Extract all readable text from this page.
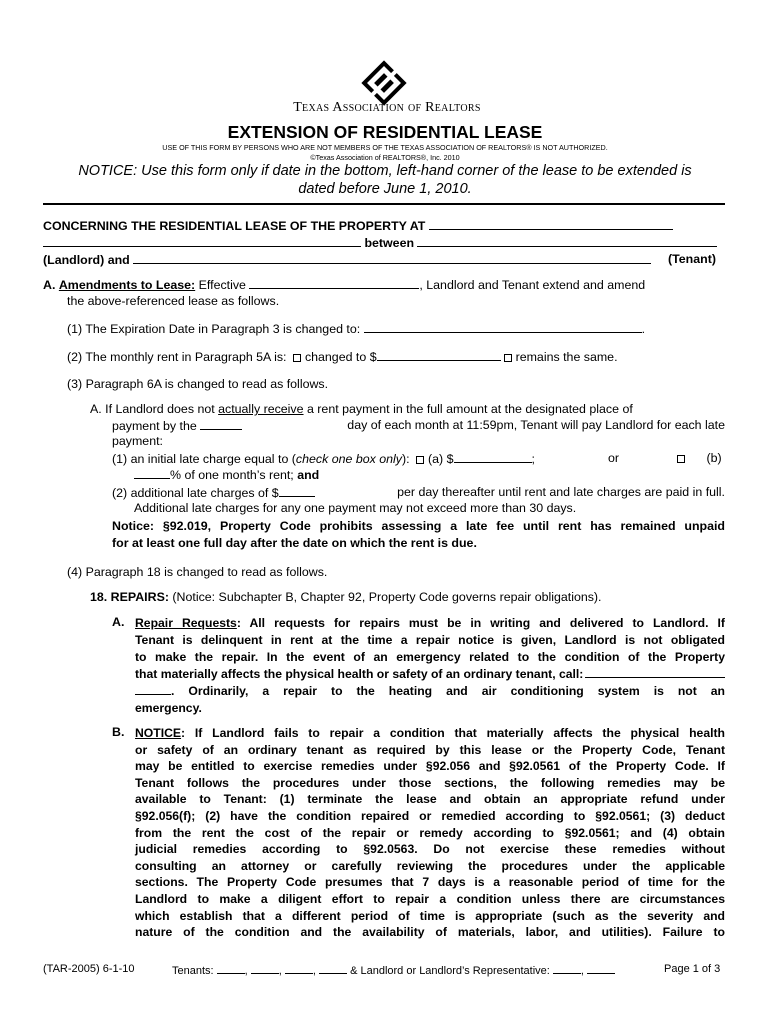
Texas Association of Realtors
EXTENSION OF RESIDENTIAL LEASE
USE OF THIS FORM BY PERSONS WHO ARE NOT MEMBERS OF THE TEXAS ASSOCIATION OF REALTORS® IS NOT AUTHORIZED.
©Texas Association of REALTORS®, Inc. 2010
NOTICE: Use this form only if date in the bottom, left-hand corner of the lease to be extended is
dated before June 1, 2010.
CONCERNING THE RESIDENTIAL LEASE OF THE PROPERTY AT
between
(Landlord) and	(Tenant)
A. Amendments to Lease: Effective	, Landlord and Tenant extend and amend
the above-referenced lease as follows.
(1) The Expiration Date in Paragraph 3 is changed to:	.
(2) The monthly rent in Paragraph 5A is: changed to $	remains the same.
(3) Paragraph 6A is changed to read as follows.
A. If Landlord does not actually receive a rent payment in the full amount at the designated place of
payment by the	day of each month at 11:59pm, Tenant will pay Landlord for each late
payment:
(1) an initial late charge equal to (check one box only): (a) $	;	or	(b)
% of one month’s rent; and
(2) additional late charges of $	per day thereafter until rent and late charges are paid in full.
Additional late charges for any one payment may not exceed more than 30 days.
Notice: §92.019, Property Code prohibits assessing a late fee until rent has remained unpaid
for at least one full day after the date on which the rent is due.
(4) Paragraph 18 is changed to read as follows.
18. REPAIRS: (Notice: Subchapter B, Chapter 92, Property Code governs repair obligations).
A. Repair Requests: All requests for repairs must be in writing and delivered to Landlord. If
Tenant is delinquent in rent at the time a repair notice is given, Landlord is not obligated
to make the repair. In the event of an emergency related to the condition of the Property
that materially affects the physical health or safety of an ordinary tenant, call:
. Ordinarily, a repair to the heating and air conditioning system is not an
emergency.
B. NOTICE: If Landlord fails to repair a condition that materially affects the physical health
or safety of an ordinary tenant as required by this lease or the Property Code, Tenant
may be entitled to exercise remedies under §92.056 and §92.0561 of the Property Code. If
Tenant follows the procedures under those sections, the following remedies may be
available to Tenant: (1) terminate the lease and obtain an appropriate refund under
§92.056(f); (2) have the condition repaired or remedied according to §92.0561; (3) deduct
from the rent the cost of the repair or remedy according to §92.0561; and (4) obtain
judicial remedies according to §92.0563. Do not exercise these remedies without
consulting an attorney or carefully reviewing the procedures under the applicable
sections. The Property Code presumes that 7 days is a reasonable period of time for the
Landlord to make a diligent effort to repair a condition unless there are circumstances
which establish that a different period of time is appropriate (such as the severity and
nature of the condition and the availability of materials, labor, and utilities). Failure to
(TAR-2005) 6-1-10	Tenants:	,	,	,	& Landlord or Landlord’s Representative:	,	Page 1 of 3
